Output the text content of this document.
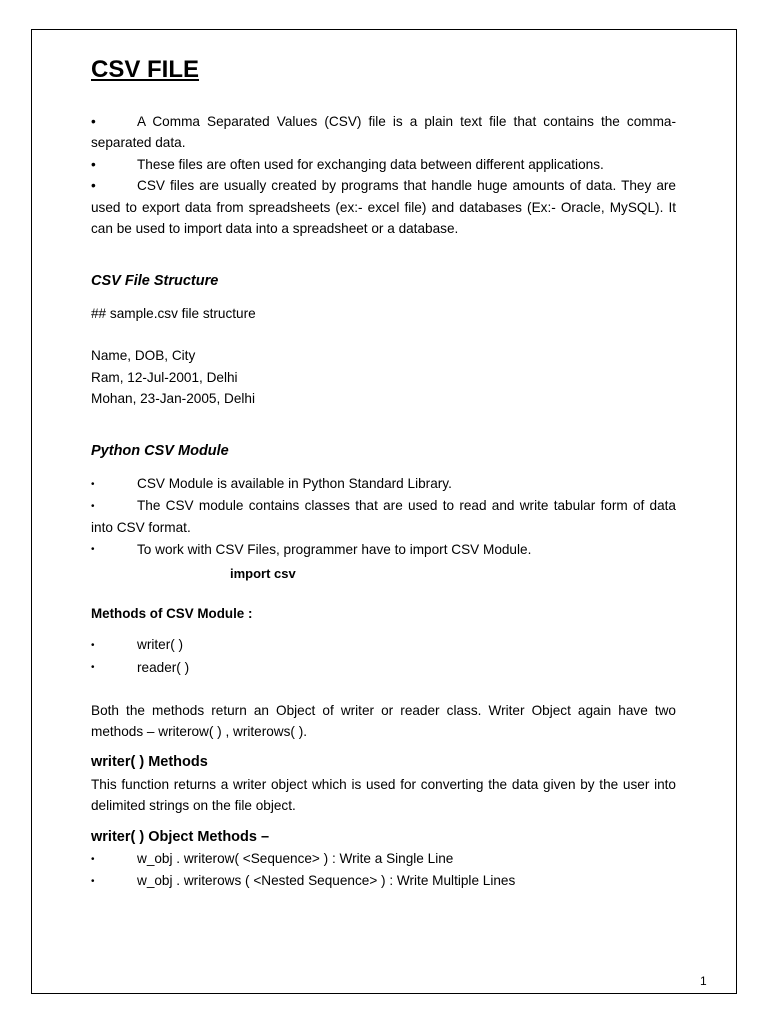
CSV FILE

•	A Comma Separated Values (CSV) file is a plain text file that contains the comma-separated data.

•	These files are often used for exchanging data between different applications.

•	CSV files are usually created by programs that handle huge amounts of data. They are used to export data from spreadsheets (ex:- excel file) and databases (Ex:- Oracle, MySQL). It can be used to import data into a spreadsheet or a database.

CSV File Structure

## sample.csv file structure

Name, DOB, City

Ram, 12-Jul-2001, Delhi

Mohan, 23-Jan-2005, Delhi

Python CSV Module

•	CSV Module is available in Python Standard Library.

•	The CSV module contains classes that are used to read and write tabular form of data into CSV format.

•	To work with CSV Files, programmer have to import CSV Module.

import csv

Methods of CSV Module :

•	writer( )

•	reader( )

Both the methods return an Object of writer or reader class. Writer Object again have two methods – writerow( ) , writerows( ).

writer( ) Methods

This function returns a writer object which is used for converting the data given by the user into delimited strings on the file object.

writer( ) Object Methods –

•	w_obj . writerow( <Sequence> ) : Write a Single Line

•	w_obj . writerows ( <Nested Sequence> ) : Write Multiple Lines

1
